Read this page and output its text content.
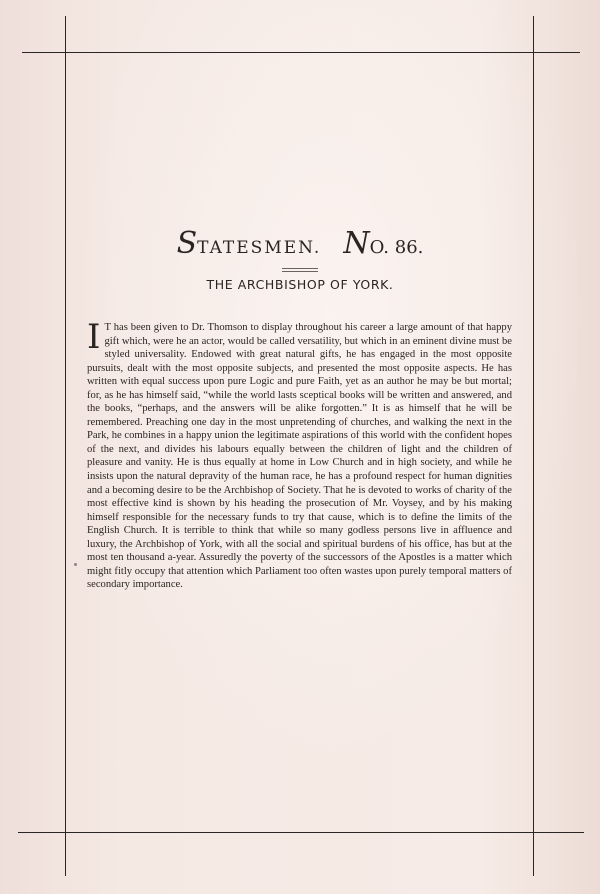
STATESMEN. NO. 86.
THE ARCHBISHOP OF YORK.
I T has been given to Dr. Thomson to display throughout his career a large amount of that happy gift which, were he an actor, would be called versatility, but which in an eminent divine must be styled universality. Endowed with great natural gifts, he has engaged in the most opposite pursuits, dealt with the most opposite subjects, and presented the most opposite aspects. He has written with equal success upon pure Logic and pure Faith, yet as an author he may be but mortal; for, as he has himself said, “while the world lasts sceptical books will be written and answered, and the books, “perhaps, and the answers will be alike forgotten.” It is as himself that he will be remembered. Preaching one day in the most unpretending of churches, and walking the next in the Park, he combines in a happy union the legitimate aspirations of this world with the confident hopes of the next, and divides his labours equally between the children of light and the children of pleasure and vanity. He is thus equally at home in Low Church and in high society, and while he insists upon the natural depravity of the human race, he has a profound respect for human dignities and a becoming desire to be the Archbishop of Society. That he is devoted to works of charity of the most effective kind is shown by his heading the prosecution of Mr. Voysey, and by his making himself responsible for the necessary funds to try that cause, which is to define the limits of the English Church. It is terrible to think that while so many godless persons live in affluence and luxury, the Archbishop of York, with all the social and spiritual burdens of his office, has but at the most ten thousand a-year. Assuredly the poverty of the successors of the Apostles is a matter which might fitly occupy that attention which Parliament too often wastes upon purely temporal matters of secondary importance.
